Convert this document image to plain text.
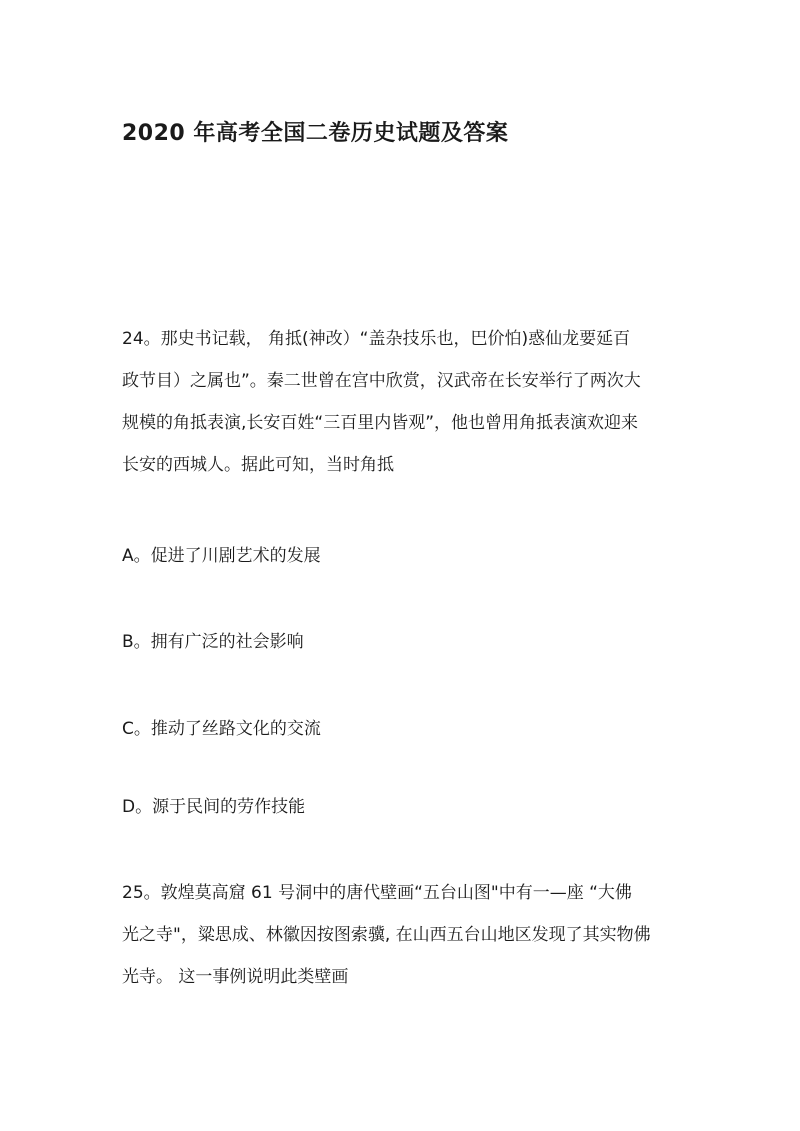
2020 年高考全国二卷历史试题及答案
24。那史书记载， 角抵(神改）“盖杂技乐也，巴价怕)惑仙龙要延百
政节目）之属也”。秦二世曾在宫中欣赏，汉武帝在长安举行了两次大
规模的角抵表演,长安百姓“三百里内皆观”，他也曾用角抵表演欢迎来
长安的西城人。据此可知，当时角抵
A。促进了川剧艺术的发展
B。拥有广泛的社会影响
C。推动了丝路文化的交流
D。源于民间的劳作技能
25。敦煌莫高窟 61 号洞中的唐代壁画“五台山图"中有一—座 “大佛
光之寺"，粱思成、林徽因按图索骥, 在山西五台山地区发现了其实物佛
光寺。 这一事例说明此类壁画
